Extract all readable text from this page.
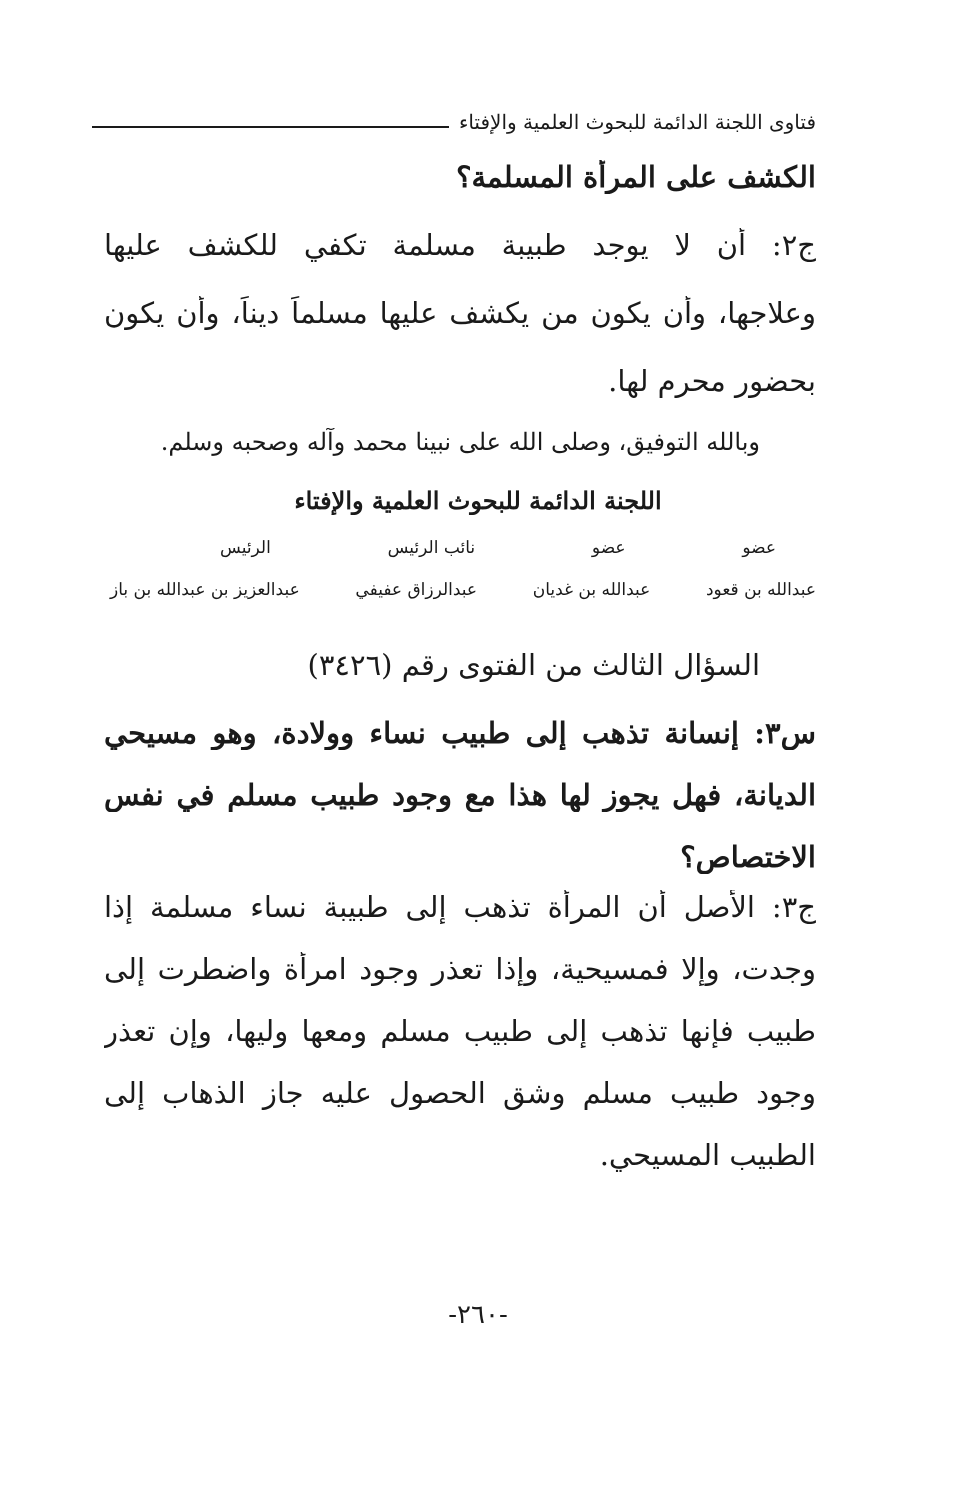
فتاوى اللجنة الدائمة للبحوث العلمية والإفتاء
الكشف على المرأة المسلمة؟
ج٢: أن لا يوجد طبيبة مسلمة تكفي للكشف عليها
وعلاجها، وأن يكون من يكشف عليها مسلماً ديناً، وأن يكون
بحضور محرم لها.
وبالله التوفيق، وصلى الله على نبينا محمد وآله وصحبه وسلم.
اللجنة الدائمة للبحوث العلمية والإفتاء
عضو
عضو
نائب الرئيس
الرئيس
عبدالله بن قعود
عبدالله بن غديان
عبدالرزاق عفيفي
عبدالعزيز بن عبدالله بن باز
السؤال الثالث من الفتوى رقم (٣٤٢٦)
س٣: إنسانة تذهب إلى طبيب نساء وولادة، وهو مسيحي
الديانة، فهل يجوز لها هذا مع وجود طبيب مسلم في نفس
الاختصاص؟
ج٣: الأصل أن المرأة تذهب إلى طبيبة نساء مسلمة إذا
وجدت، وإلا فمسيحية، وإذا تعذر وجود امرأة واضطرت إلى
طبيب فإنها تذهب إلى طبيب مسلم ومعها وليها، وإن تعذر
وجود طبيب مسلم وشق الحصول عليه جاز الذهاب إلى
الطبيب المسيحي.
-٢٦٠-
